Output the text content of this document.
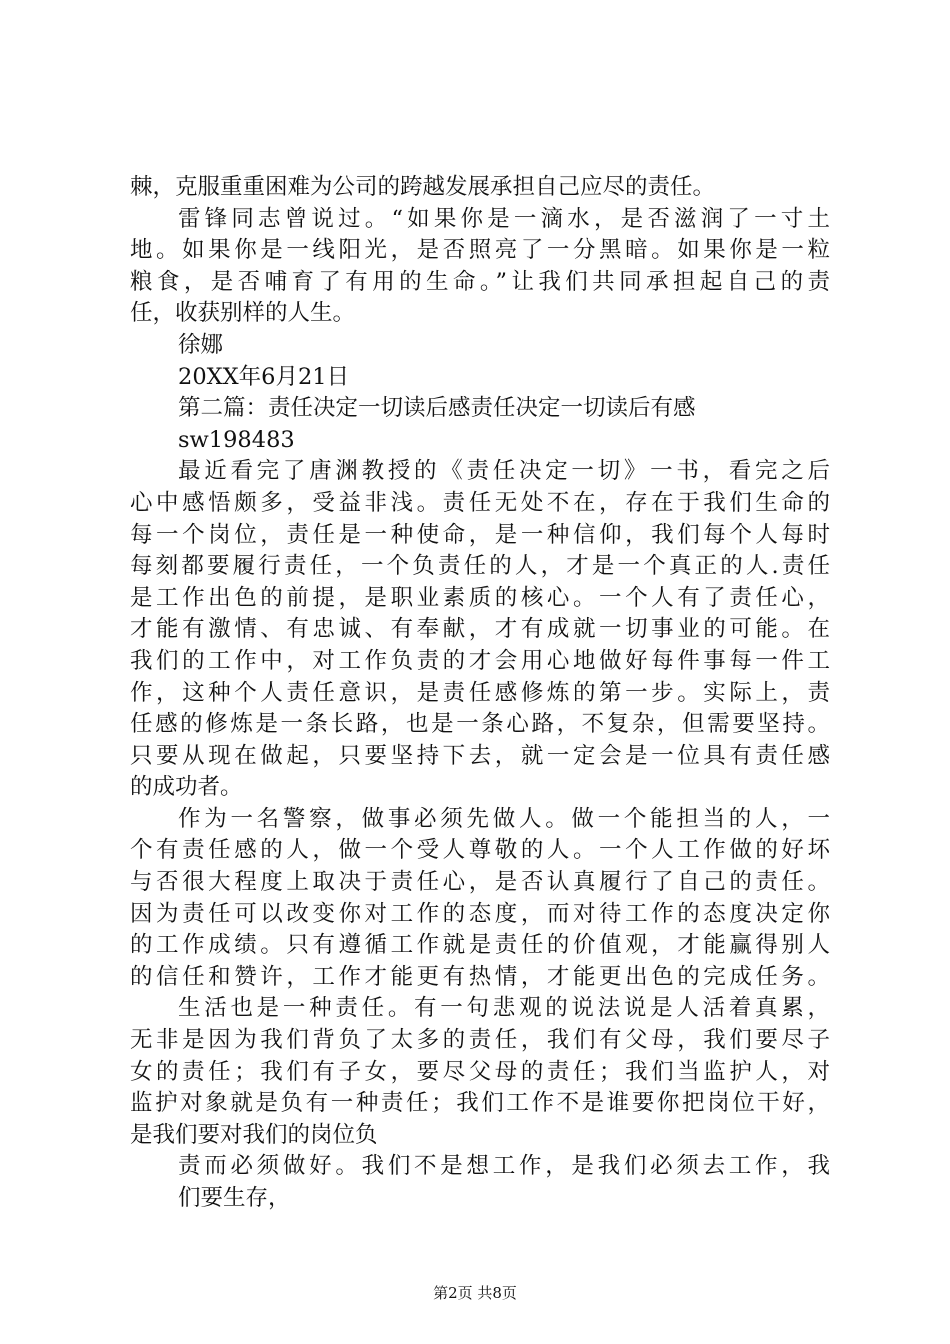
棘，克服重重困难为公司的跨越发展承担自己应尽的责任。
雷锋同志曾说过。“如果你是一滴水，是否滋润了一寸土
地。如果你是一线阳光，是否照亮了一分黑暗。如果你是一粒
粮食，是否哺育了有用的生命。”让我们共同承担起自己的责
任，收获别样的人生。
徐娜
20XX年6月21日
第二篇：责任决定一切读后感责任决定一切读后有感
sw198483
最近看完了唐渊教授的《责任决定一切》一书，看完之后
心中感悟颇多，受益非浅。责任无处不在，存在于我们生命的
每一个岗位，责任是一种使命，是一种信仰，我们每个人每时
每刻都要履行责任，一个负责任的人，才是一个真正的人.责任
是工作出色的前提，是职业素质的核心。一个人有了责任心，
才能有激情、有忠诚、有奉献，才有成就一切事业的可能。在
我们的工作中，对工作负责的才会用心地做好每件事每一件工
作，这种个人责任意识，是责任感修炼的第一步。实际上，责
任感的修炼是一条长路，也是一条心路，不复杂，但需要坚持。
只要从现在做起，只要坚持下去，就一定会是一位具有责任感
的成功者。
作为一名警察，做事必须先做人。做一个能担当的人，一
个有责任感的人，做一个受人尊敬的人。一个人工作做的好坏
与否很大程度上取决于责任心，是否认真履行了自己的责任。
因为责任可以改变你对工作的态度，而对待工作的态度决定你
的工作成绩。只有遵循工作就是责任的价值观，才能赢得别人
的信任和赞许，工作才能更有热情，才能更出色的完成任务。
生活也是一种责任。有一句悲观的说法说是人活着真累，
无非是因为我们背负了太多的责任，我们有父母，我们要尽子
女的责任；我们有子女，要尽父母的责任；我们当监护人，对
监护对象就是负有一种责任；我们工作不是谁要你把岗位干好，
是我们要对我们的岗位负
责而必须做好。我们不是想工作，是我们必须去工作，我
们要生存，
第2页 共8页
